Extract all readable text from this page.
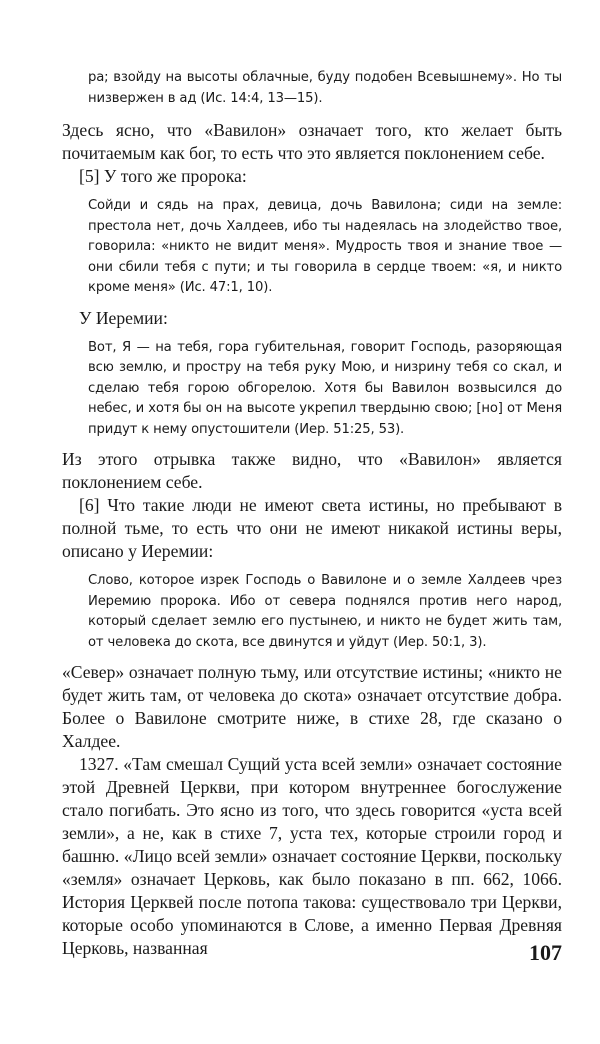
ра; взойду на высоты облачные, буду подобен Всевышнему». Но ты низвержен в ад (Ис. 14:4, 13—15).

Здесь ясно, что «Вавилон» означает того, кто желает быть почитаемым как бог, то есть что это является поклонением себе.

[5] У того же пророка:

Сойди и сядь на прах, девица, дочь Вавилона; сиди на земле: престола нет, дочь Халдеев, ибо ты надеялась на злодейство твое, говорила: «никто не видит меня». Мудрость твоя и знание твое — они сбили тебя с пути; и ты говорила в сердце твоем: «я, и никто кроме меня» (Ис. 47:1, 10).

У Иеремии:

Вот, Я — на тебя, гора губительная, говорит Господь, разоряющая всю землю, и простру на тебя руку Мою, и низрину тебя со скал, и сделаю тебя горою обгорелою. Хотя бы Вавилон возвысился до небес, и хотя бы он на высоте укрепил твердыню свою; [но] от Меня придут к нему опустошители (Иер. 51:25, 53).

Из этого отрывка также видно, что «Вавилон» является поклонением себе.

[6] Что такие люди не имеют света истины, но пребывают в полной тьме, то есть что они не имеют никакой истины веры, описано у Иеремии:

Слово, которое изрек Господь о Вавилоне и о земле Халдеев чрез Иеремию пророка. Ибо от севера поднялся против него народ, который сделает землю его пустынею, и никто не будет жить там, от человека до скота, все двинутся и уйдут (Иер. 50:1, 3).

«Север» означает полную тьму, или отсутствие истины; «никто не будет жить там, от человека до скота» означает отсутствие добра. Более о Вавилоне смотрите ниже, в стихе 28, где сказано о Халдее.

1327. «Там смешал Сущий уста всей земли» означает состояние этой Древней Церкви, при котором внутреннее богослужение стало погибать. Это ясно из того, что здесь говорится «уста всей земли», а не, как в стихе 7, уста тех, которые строили город и башню. «Лицо всей земли» означает состояние Церкви, поскольку «земля» означает Церковь, как было показано в пп. 662, 1066. История Церквей после потопа такова: существовало три Церкви, которые особо упоминаются в Слове, а именно Первая Древняя Церковь, названная	107
